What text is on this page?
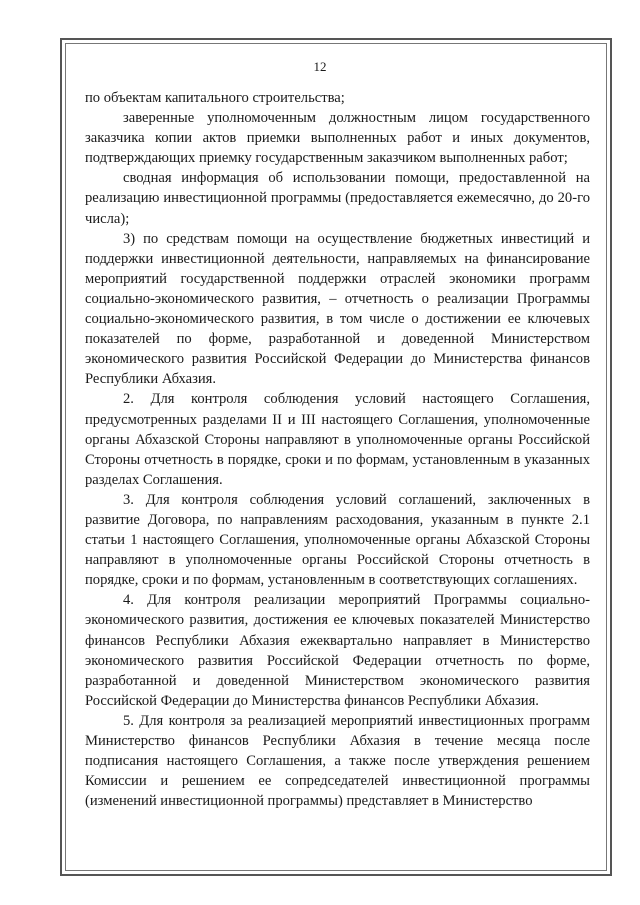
12

по объектам капитального строительства;

заверенные уполномоченным должностным лицом государственного заказчика копии актов приемки выполненных работ и иных документов, подтверждающих приемку государственным заказчиком выполненных работ;

сводная информация об использовании помощи, предоставленной на реализацию инвестиционной программы (предоставляется ежемесячно, до 20-го числа);

3) по средствам помощи на осуществление бюджетных инвестиций и поддержки инвестиционной деятельности, направляемых на финансирование мероприятий государственной поддержки отраслей экономики программ социально-экономического развития, – отчетность о реализации Программы социально-экономического развития, в том числе о достижении ее ключевых показателей по форме, разработанной и доведенной Министерством экономического развития Российской Федерации до Министерства финансов Республики Абхазия.

2. Для контроля соблюдения условий настоящего Соглашения, предусмотренных разделами II и III настоящего Соглашения, уполномоченные органы Абхазской Стороны направляют в уполномоченные органы Российской Стороны отчетность в порядке, сроки и по формам, установленным в указанных разделах Соглашения.

3. Для контроля соблюдения условий соглашений, заключенных в развитие Договора, по направлениям расходования, указанным в пункте 2.1 статьи 1 настоящего Соглашения, уполномоченные органы Абхазской Стороны направляют в уполномоченные органы Российской Стороны отчетность в порядке, сроки и по формам, установленным в соответствующих соглашениях.

4. Для контроля реализации мероприятий Программы социально-экономического развития, достижения ее ключевых показателей Министерство финансов Республики Абхазия ежеквартально направляет в Министерство экономического развития Российской Федерации отчетность по форме, разработанной и доведенной Министерством экономического развития Российской Федерации до Министерства финансов Республики Абхазия.

5. Для контроля за реализацией мероприятий инвестиционных программ Министерство финансов Республики Абхазия в течение месяца после подписания настоящего Соглашения, а также после утверждения решением Комиссии и решением ее сопредседателей инвестиционной программы (изменений инвестиционной программы) представляет в Министерство
